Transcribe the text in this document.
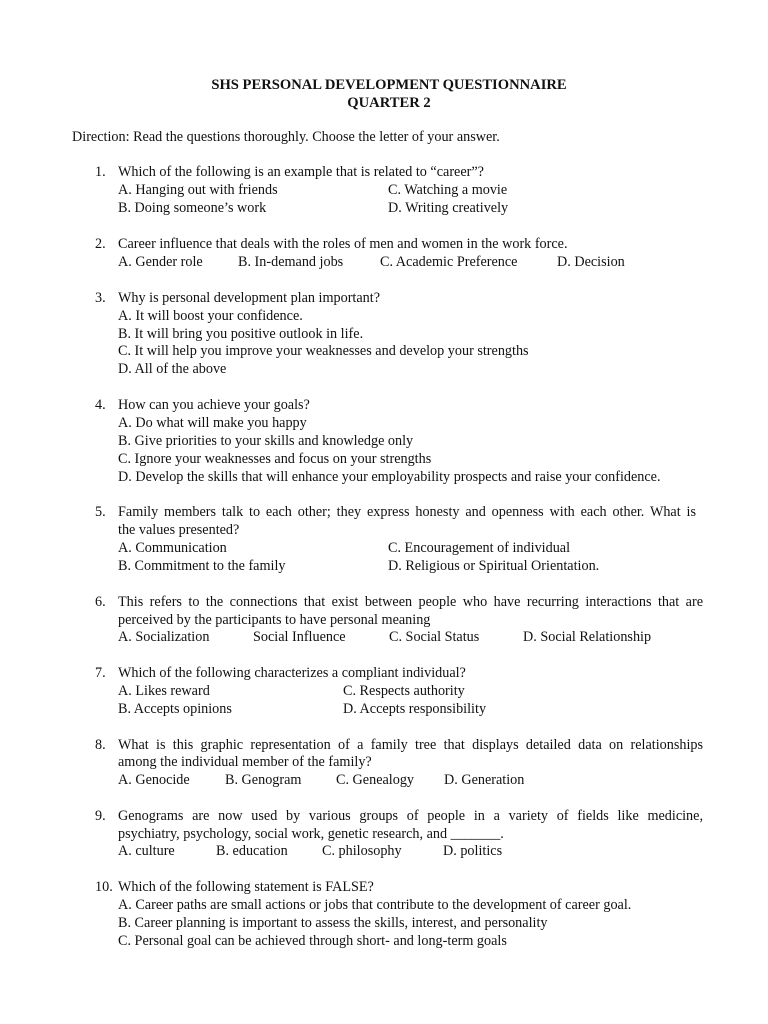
SHS PERSONAL DEVELOPMENT QUESTIONNAIRE
QUARTER 2
Direction: Read the questions thoroughly. Choose the letter of your answer.
1. Which of the following is an example that is related to “career”?
A. Hanging out with friends	C. Watching a movie
B. Doing someone’s work	D. Writing creatively
2. Career influence that deals with the roles of men and women in the work force.
A. Gender role B. In-demand jobs	C. Academic Preference	D. Decision
3. Why is personal development plan important?
A. It will boost your confidence.
B. It will bring you positive outlook in life.
C. It will help you improve your weaknesses and develop your strengths
D. All of the above
4. How can you achieve your goals?
A. Do what will make you happy
B. Give priorities to your skills and knowledge only
C. Ignore your weaknesses and focus on your strengths
D. Develop the skills that will enhance your employability prospects and raise your confidence.
5. Family members talk to each other; they express honesty and openness with each other. What is
the values presented?
A. Communication	C. Encouragement of individual
B. Commitment to the family	D. Religious or Spiritual Orientation.
6. This refers to the connections that exist between people who have recurring interactions that are
perceived by the participants to have personal meaning
A. Socialization	Social Influence	C. Social Status	D. Social Relationship
7. Which of the following characterizes a compliant individual?
A. Likes reward	C. Respects authority
B. Accepts opinions	D. Accepts responsibility
8. What is this graphic representation of a family tree that displays detailed data on relationships
among the individual member of the family?
A. Genocide B. Genogram C. Genealogy D. Generation
9. Genograms are now used by various groups of people in a variety of fields like medicine,
psychiatry, psychology, social work, genetic research, and _______.
A. culture	B. education C. philosophy	D. politics
10. Which of the following statement is FALSE?
A. Career paths are small actions or jobs that contribute to the development of career goal.
B. Career planning is important to assess the skills, interest, and personality
C. Personal goal can be achieved through short- and long-term goals
